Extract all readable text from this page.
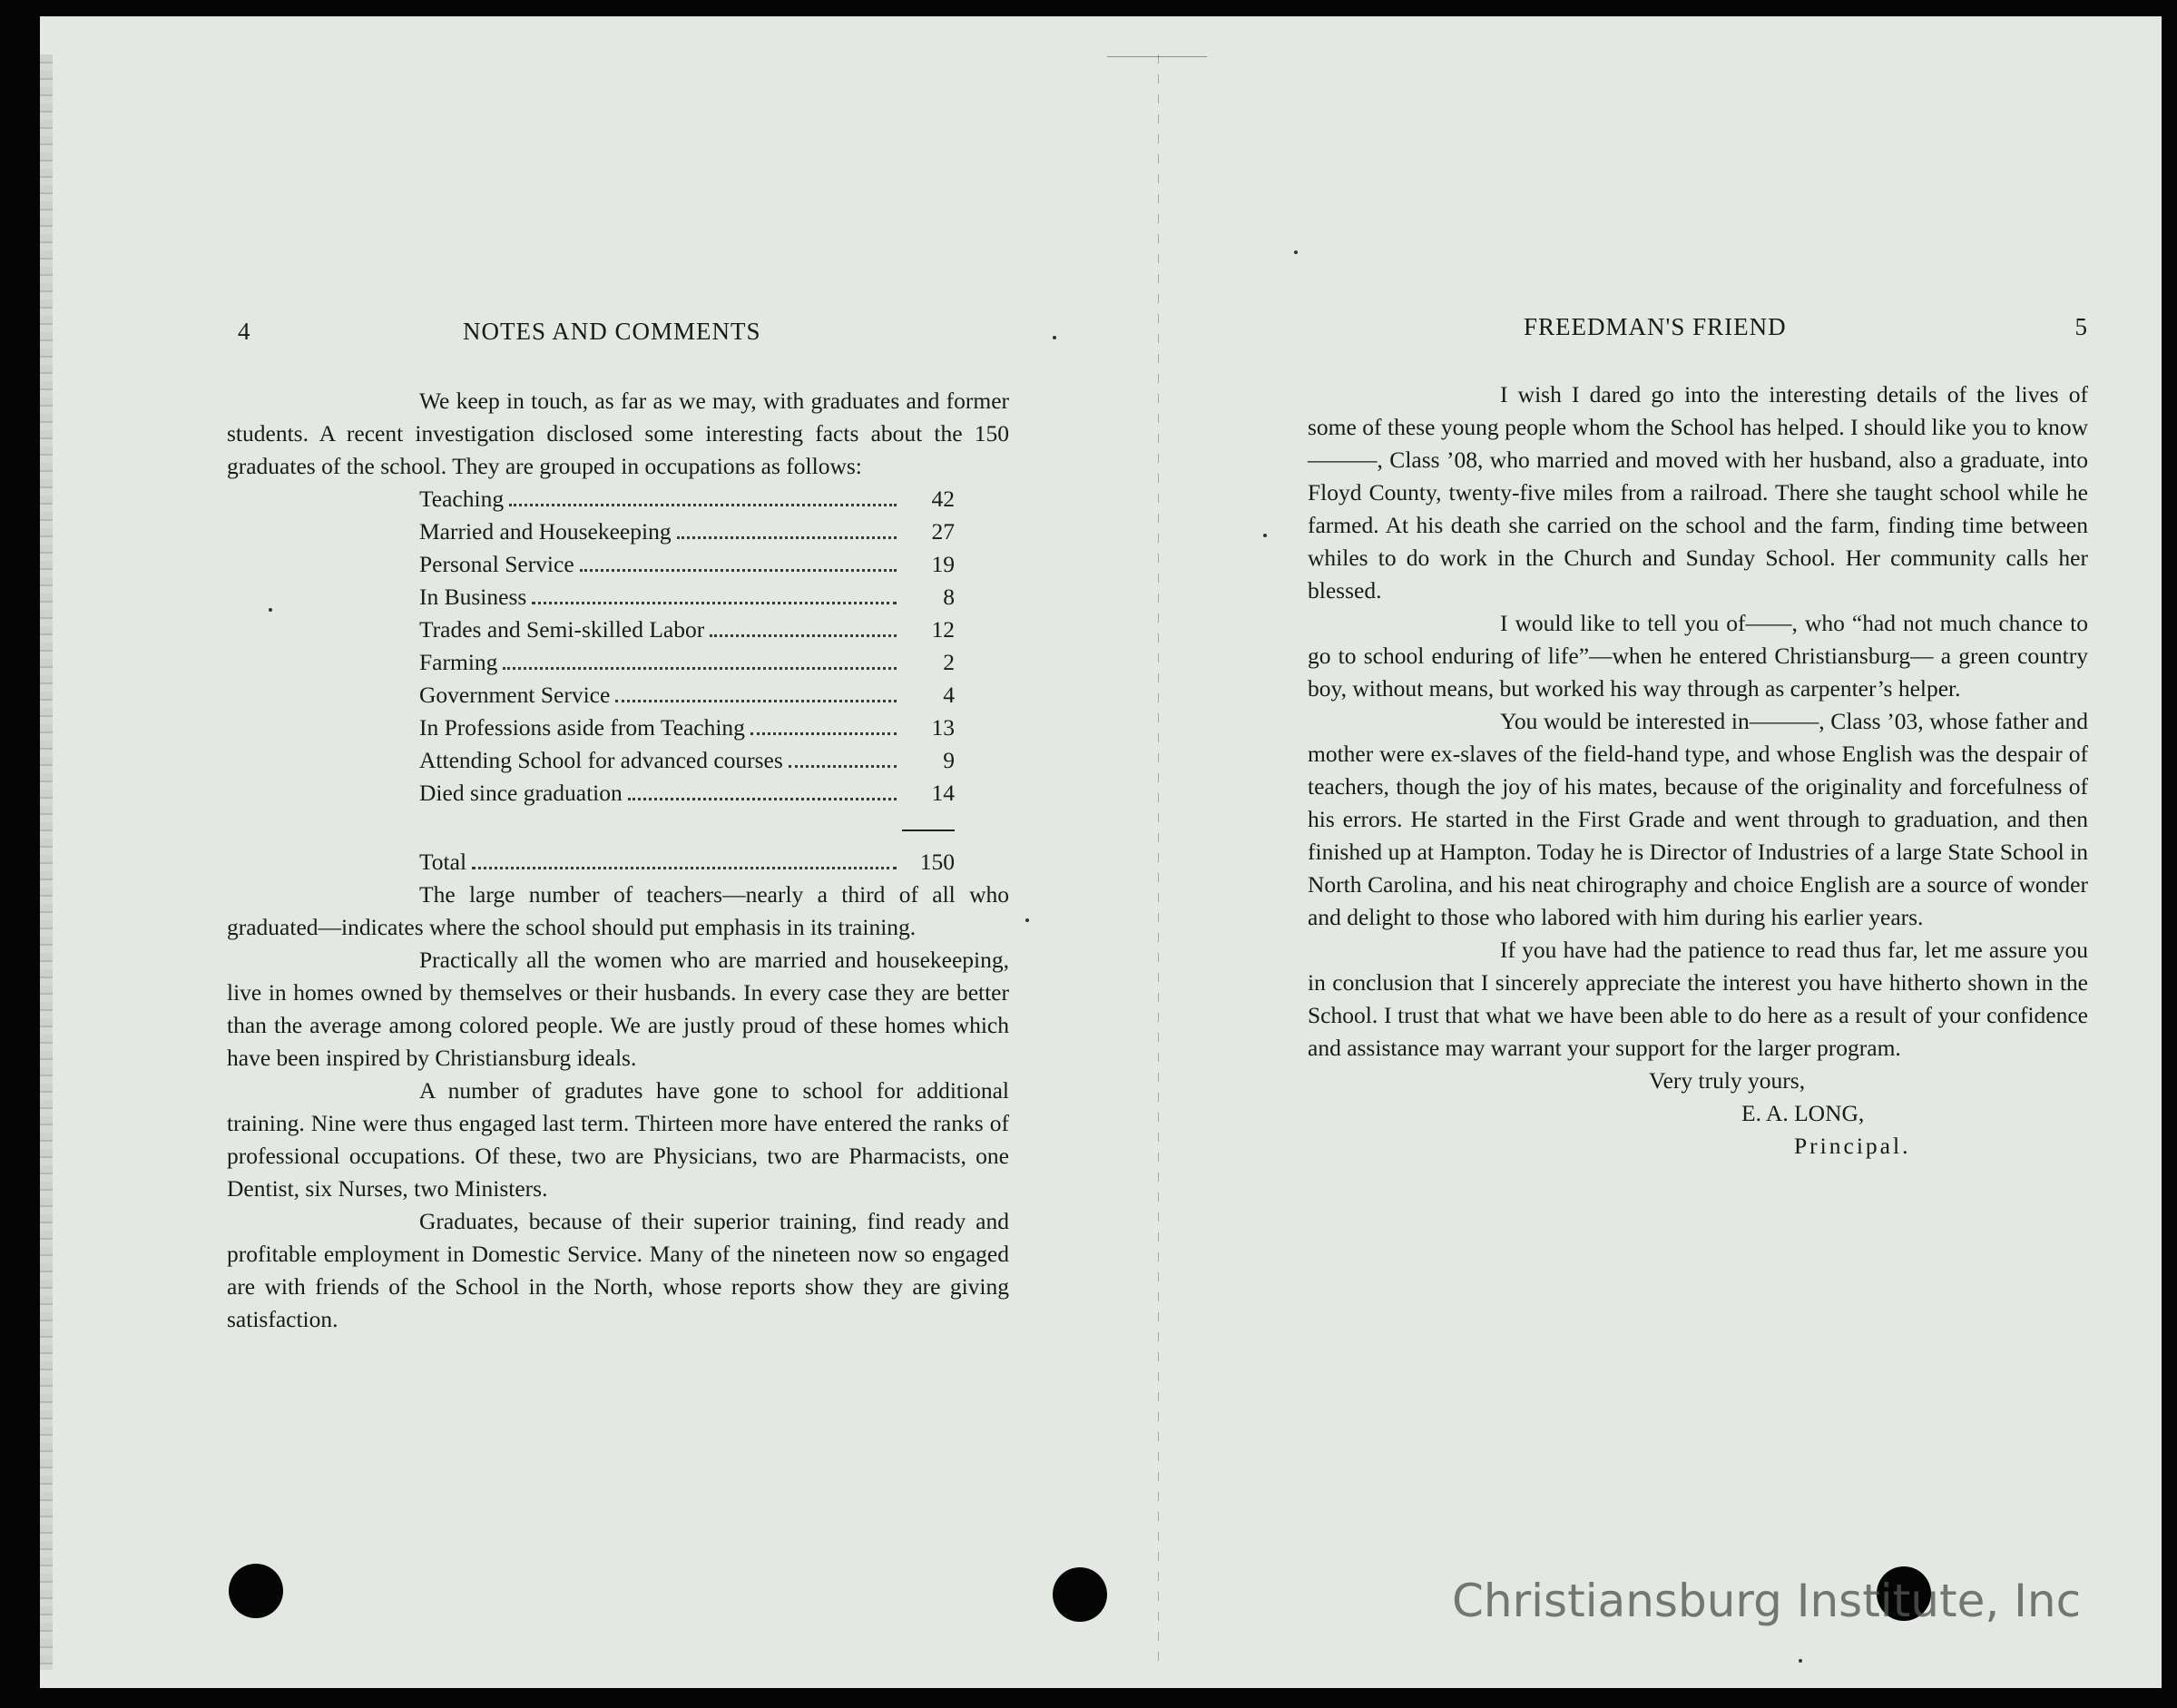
4	NOTES AND COMMENTS

We keep in touch, as far as we may, with graduates and former students. A recent investigation disclosed some interesting facts about the 150 graduates of the school. They are grouped in occupations as follows:

Teaching	42

Married and Housekeeping	27

Personal Service	19

In Business	8

Trades and Semi-skilled Labor	12

Farming	2

Government Service	4

In Professions aside from Teaching	13

Attending School for advanced courses	9

Died since graduation	14
Total	150

The large number of teachers—nearly a third of all who graduated—indicates where the school should put emphasis in its training.

Practically all the women who are married and housekeeping, live in homes owned by themselves or their husbands. In every case they are better than the average among colored people. We are justly proud of these homes which have been inspired by Christiansburg ideals.

A number of gradutes have gone to school for additional training. Nine were thus engaged last term. Thirteen more have entered the ranks of professional occupations. Of these, two are Physicians, two are Pharmacists, one Dentist, six Nurses, two Ministers.

Graduates, because of their superior training, find ready and profitable employment in Domestic Service. Many of the nineteen now so engaged are with friends of the School in the North, whose reports show they are giving satisfaction.

FREEDMAN'S FRIEND	5

I wish I dared go into the interesting details of the lives of some of these young people whom the School has helped. I should like you to know———, Class ’08, who married and moved with her husband, also a graduate, into Floyd County, twenty-five miles from a railroad. There she taught school while he farmed. At his death she carried on the school and the farm, finding time between whiles to do work in the Church and Sunday School. Her community calls her blessed.

I would like to tell you of——, who “had not much chance to go to school enduring of life”—when he entered Christiansburg— a green country boy, without means, but worked his way through as carpenter’s helper.

You would be interested in———, Class ’03, whose father and mother were ex-slaves of the field-hand type, and whose English was the despair of teachers, though the joy of his mates, because of the originality and forcefulness of his errors. He started in the First Grade and went through to graduation, and then finished up at Hampton. Today he is Director of Industries of a large State School in North Carolina, and his neat chirography and choice English are a source of wonder and delight to those who labored with him during his earlier years.

If you have had the patience to read thus far, let me assure you in conclusion that I sincerely appreciate the interest you have hitherto shown in the School. I trust that what we have been able to do here as a result of your confidence and assistance may warrant your support for the larger program.

Very truly yours,
E. A. LONG,
Principal.
Christiansburg Institute, Inc
